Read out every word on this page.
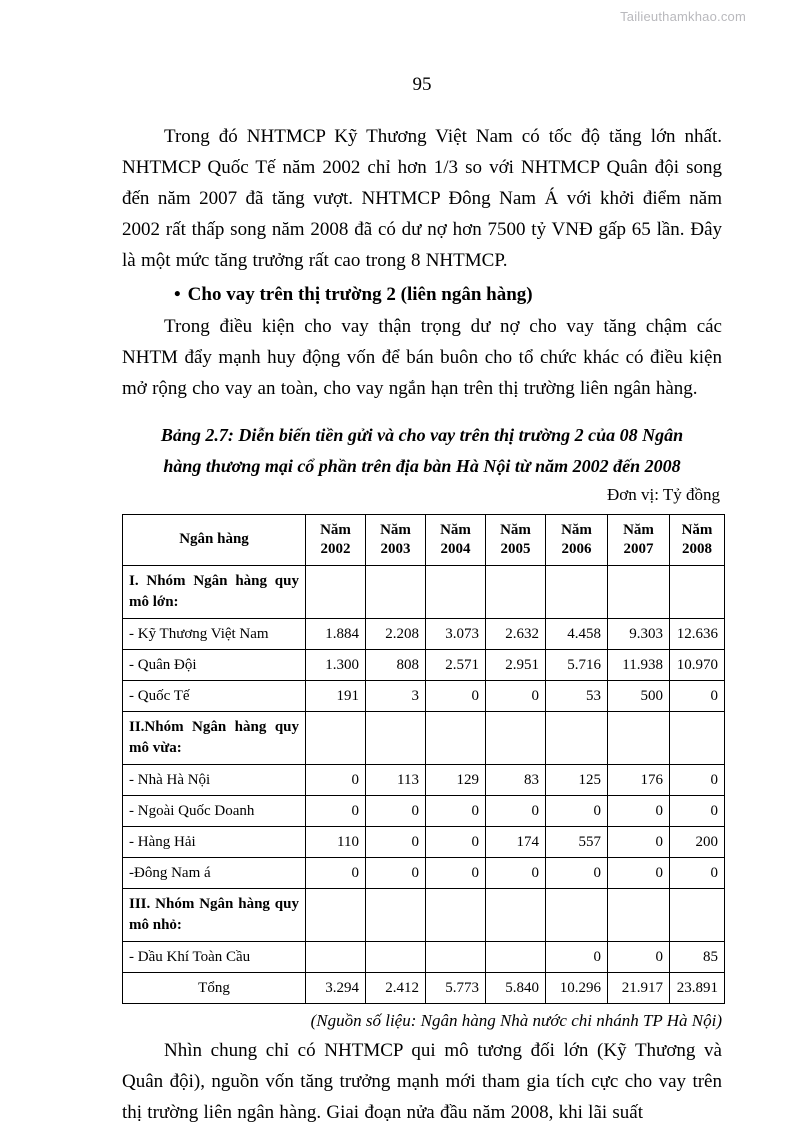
Tailieuthamkhao.com
95

Trong đó NHTMCP Kỹ Thương Việt Nam có tốc độ tăng lớn nhất. NHTMCP Quốc Tế năm 2002 chỉ hơn 1/3 so với NHTMCP Quân đội song đến năm 2007 đã tăng vượt. NHTMCP Đông Nam Á với khởi điểm năm 2002 rất thấp song năm 2008 đã có dư nợ hơn 7500 tỷ VNĐ gấp 65 lần. Đây là một mức tăng trưởng rất cao trong 8 NHTMCP.

• Cho vay trên thị trường 2 (liên ngân hàng)

Trong điều kiện cho vay thận trọng dư nợ cho vay tăng chậm các NHTM đẩy mạnh huy động vốn để bán buôn cho tổ chức khác có điều kiện mở rộng cho vay an toàn, cho vay ngắn hạn trên thị trường liên ngân hàng.

Bảng 2.7: Diễn biến tiền gửi và cho vay trên thị trường 2 của 08 Ngân
hàng thương mại cổ phần trên địa bàn Hà Nội từ năm 2002 đến 2008
Đơn vị: Tỷ đồng
Ngân hàng	Năm 2002	Năm 2003	Năm 2004	Năm 2005	Năm 2006	Năm 2007	Năm 2008
I. Nhóm Ngân hàng quy mô lớn:							
- Kỹ Thương Việt Nam	1.884	2.208	3.073	2.632	4.458	9.303	12.636
- Quân Đội	1.300	808	2.571	2.951	5.716	11.938	10.970
- Quốc Tế	191	3	0	0	53	500	0
II.Nhóm Ngân hàng quy mô vừa:							
- Nhà Hà Nội	0	113	129	83	125	176	0
- Ngoài Quốc Doanh	0	0	0	0	0	0	0
- Hàng Hải	110	0	0	174	557	0	200
-Đông Nam á	0	0	0	0	0	0	0
III. Nhóm Ngân hàng quy mô nhỏ:							
- Dầu Khí Toàn Cầu					0	0	85
Tổng	3.294	2.412	5.773	5.840	10.296	21.917	23.891
(Nguồn số liệu: Ngân hàng Nhà nước chi nhánh TP Hà Nội)

Nhìn chung chỉ có NHTMCP qui mô tương đối lớn (Kỹ Thương và Quân đội), nguồn vốn tăng trưởng mạnh mới tham gia tích cực cho vay trên thị trường liên ngân hàng. Giai đoạn nửa đầu năm 2008, khi lãi suất
